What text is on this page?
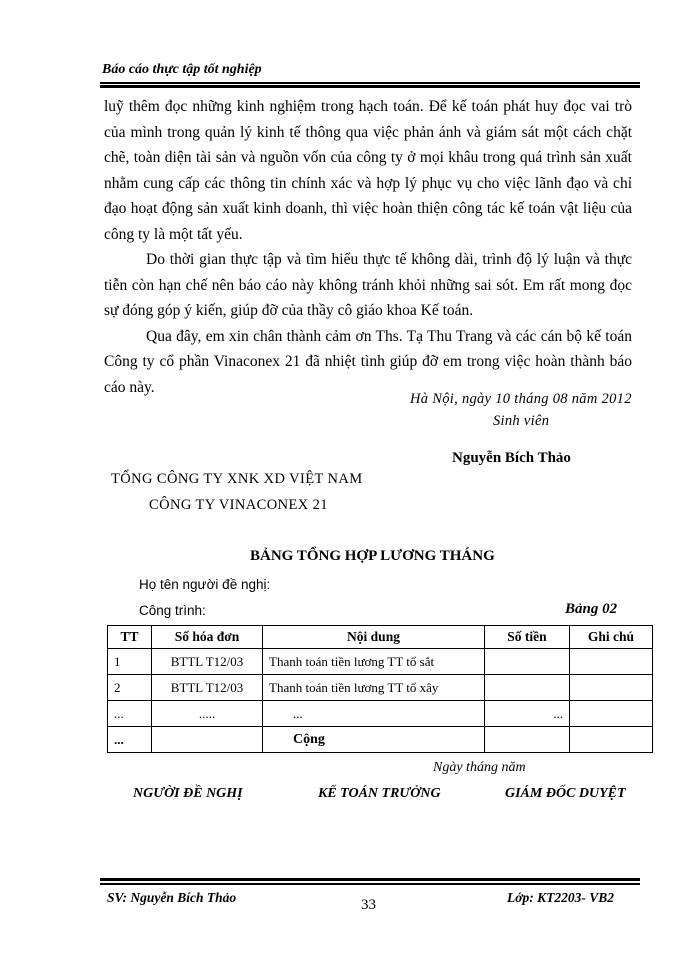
Báo cáo thực tập tốt nghiệp

luỹ thêm đọc những kinh nghiệm trong hạch toán. Để kế toán phát huy đọc vai trò của mình trong quản lý kinh tế thông qua việc phản ánh và giám sát một cách chặt chẽ, toàn diện tài sản và nguồn vốn của công ty ở mọi khâu trong quá trình sản xuất nhằm cung cấp các thông tin chính xác và hợp lý phục vụ cho việc lãnh đạo và chỉ đạo hoạt động sản xuất kinh doanh, thì việc hoàn thiện công tác kế toán vật liệu của công ty là một tất yếu.

Do thời gian thực tập và tìm hiểu thực tế không dài, trình độ lý luận và thực tiễn còn hạn chế nên báo cáo này không tránh khỏi những sai sót. Em rất mong đọc sự đóng góp ý kiến, giúp đỡ của thầy cô giáo khoa Kế toán.

Qua đây, em xin chân thành cảm ơn Ths. Tạ Thu Trang và các cán bộ kế toán Công ty cổ phần Vinaconex 21 đã nhiệt tình giúp đỡ em trong việc hoàn thành báo cáo này.

Hà Nội, ngày 10 tháng 08 năm 2012
Sinh viên
Nguyễn Bích Thảo
TỔNG CÔNG TY XNK XD VIỆT NAM
CÔNG TY VINACONEX 21
BẢNG TỔNG HỢP LƯƠNG THÁNG
Họ tên người đề nghị:
Công trình:	Bảng 02
TT	Số hóa đơn	Nội dung	Số tiền	Ghi chú
1	BTTL T12/03	Thanh toán tiền lương TT tổ sắt		
2	BTTL T12/03	Thanh toán tiền lương TT tổ xây		
...	.....	...	...	
...		Cộng		
Ngày tháng năm
NGƯỜI ĐỀ NGHỊ	KẾ TOÁN TRƯỞNG	GIÁM ĐỐC DUYỆT
SV: Nguyễn Bích Thảo	33	Lớp: KT2203- VB2
